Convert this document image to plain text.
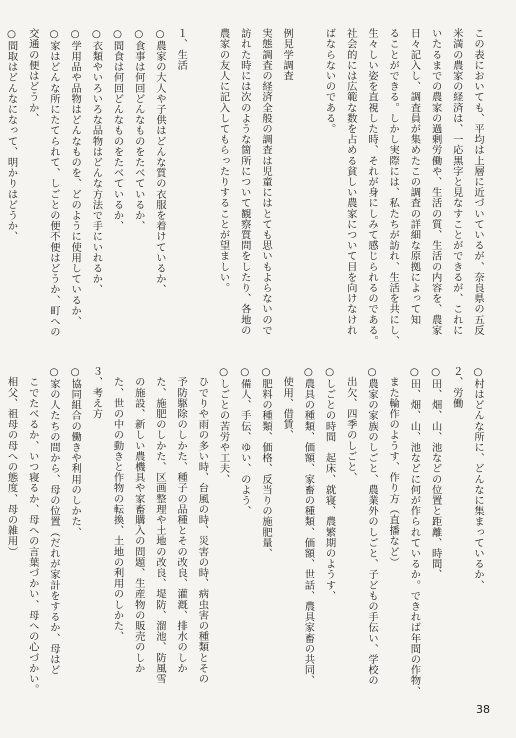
この表においても、平均は上層に近づいているが、奈良県の五反
米満の農家の経済は、一応黒字と見なすことができるが、これに
いたるまでの農家の過剰労働や、生活の質、生活の内容を、農家
日々記入し、調査員が集めたこの調査の詳細な原拠によって知
ることができる。しかし実際には、私たちが訪れ、生活を共にし、
生々しい姿を直視した時、それが身にしみて感じられるのである。
社会的には広範な数を占める貧しい農家について目を向けなけれ
ばならないのである。

例見学調査
実態調査の経済全般の調査は児童にはとても思いもよらないので
訪れた時には次のような箇所について観察質問をしたり、各地の
農家の友人に記入してもらったりすることが望ましい。

１、生活
○農家の大人や子供はどんな質の衣服を着けているか、
○食事は何回どんなものをたべているか、
○間食は何回どんなものをたべているか、
○衣類やいろいろな品物はどんな方法で手にいれるか、
○学用品や品物はどんなものを、どのように使用しているか、
○家はどんな所にたてられて、しごとの便不便はどうか、町への
交通の便はどうか、
○間取はどんなになって、明かりはどうか、
○村はどんな所に、どんなに集まっているか、
２、労働
○田、畑、山、池などの位置と距離、時間、
○田、畑、山、池などに何が作られているか。できれば年間の作物、
　また輪作のようす、作り方（直播など）
○農家の家族のしごと、農業外のしごと、子どもの手伝い、学校の
　出欠、四季のしごと、
○しごとの時間　起床、就寝、農繁期のようす、
○農具の種類、価額、家畜の種類、価額、世話、農具家畜の共同、
　使用、借賃、
○肥料の種類、価格、反当りの施肥量、
○備人、手伝、ゆい、のよう、
○しごとの苦労や工夫、
　ひでりや雨の多い時、台風の時、災害の時、病虫害の種類とその
　予防駆除のしかた、種子の品種とその改良、灌漑、排水のしか
　た、施肥のしかた、区画整理や土地の改良、堤防、溜池、防風雪
　の施設、新しい農機具や家畜購入の問題、生産物の販売のしか
　た、世の中の動きと作物の転換、土地の利用のしかた、
３、考え方
○協同組合の働きや利用のしかた、
○家の人たちの間から、母の位置（だれが家計をするか、母はど
　こでたべるか、いつ寝るか、母への言葉づかい、母への心づかい。
　相父、祖母の母への態度、母の雑用）
38
